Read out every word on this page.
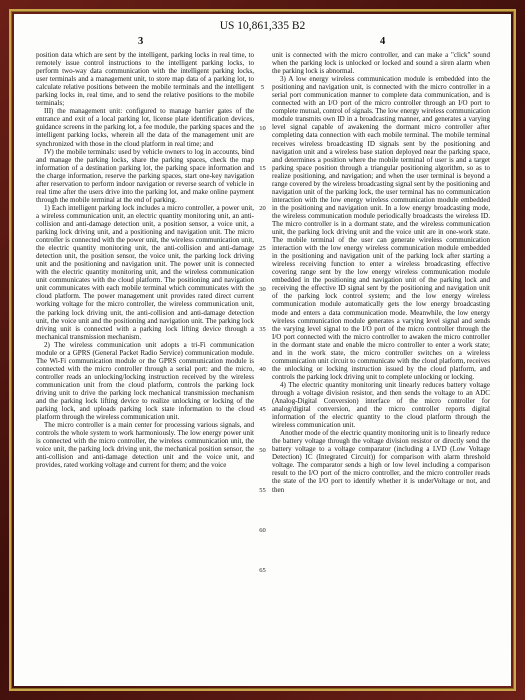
US 10,861,335 B2
3	4

position data which are sent by the intelligent, parking locks in real time, to remotely issue control instructions to the intelligent parking locks, to perform two-way data communication with the intelligent parking locks, user terminals and a management unit, to store map data of a parking lot, to calculate relative positions between the mobile terminals and the intelligent parking locks in, real time, and to send the relative positions to the mobile terminals;

III) the management unit: configured to manage barrier gates of the entrance and exit of a local parking lot, license plate identification devices, guidance screens in the parking lot, a fee module, the parking spaces and the intelligent parking locks, wherein all the data of the management unit are synchronized with those in the cloud platform in real time; and

IV) the mobile terminals: used by vehicle owners to log in accounts, bind and manage the parking locks, share the parking spaces, check the map information of a destination parking lot, the parking space information and the charge information, reserve the parking spaces, start one-key navigation after reservation to perform indoor navigation or reverse search of vehicle in real time after the users drive into the parking lot, and make online payment through the mobile terminal at the end of parking.

1) Each intelligent parking lock includes a micro controller, a power unit, a wireless communication unit, an electric quantity monitoring unit, an anti-collision and anti-damage detection unit, a position sensor, a voice unit, a parking lock driving unit, and a positioning and navigation unit. The micro controller is connected with the power unit, the wireless communication unit, the electric quantity monitoring unit, the anti-collision and anti-damage detection unit, the position sensor, the voice unit, the parking lock driving unit and the positioning and navigation unit. The power unit is connected with the electric quantity monitoring unit, and the wireless communication unit communicates with the cloud platform. The positioning and navigation unit communicates with each mobile terminal which communicates with the cloud platform. The power management unit provides rated direct current working voltage for the micro controller, the wireless communication unit, the parking lock driving unit, the anti-collision and anti-damage detection unit, the voice unit and the positioning and navigation unit. The parking lock driving unit is connected with a parking lock lifting device through a mechanical transmission mechanism.

2) The wireless communication unit adopts a tri-Fi communication module or a GPRS (General Packet Radio Service) communication module. The Wi-Fi communication module or the GPRS communication module is connected with the micro controller through a serial port: and the micro, controller reads an unlocking/locking instruction received by the wireless communication unit from the cloud platform, controls the parking lock driving unit to drive the parking lock mechanical transmission mechanism and the parking lock lifting device to realize unlocking or locking of the parking lock, and uploads parking lock state information to the cloud platform through the wireless communication unit.

The micro controller is a main center for processing various signals, and controls the whole system to work harmoniously. The low energy power unit is connected with the micro controller, the wireless communication unit, the voice unit, the parking lock driving unit, the mechanical position sensor, the anti-collision and anti-damage detection unit and the voice unit, and provides, rated working voltage and current for them; and the voice

5
10
15
20
25
30
35
40
45
50
55
60
65

unit is connected with the micro controller, and can make a "click" sound when the parking lock is unlocked or locked and sound a siren alarm when the parking lock is abnormal.

3) A low energy wireless communication module is embedded into the positioning and navigation unit, is connected with the micro controller in a serial port communication manner to complete data communication, and is connected with an I/O port of the micro controller through an I/O port to complete mutual, control of signals. The low energy wireless communication module transmits own ID in a broadcasting manner, and generates a varying level signal capable of awakening the dormant micro controller after completing data connection with each mobile terminal. The mobile terminal receives wireless broadcasting ID signals sent by the positioning and navigation unit and a wireless base station deployed near the parking space, and determines a position where the mobile terminal of user is and a target parking space position through a triangular positioning algorithm, so as to realize positioning, and navigation; and when the user terminal is beyond a range covered by the wireless broadcasting signal sent by the positioning and navigation unit of the parking lock, the user terminal has no communication interaction with the low energy wireless communication module embedded in the positioning and navigation unit. In a low energy broadcasting mode, the wireless communication module periodically broadcasts the wireless ID. The micro controller is in a dormant state, and the wireless communication unit, the parking lock driving unit and the voice unit are in one-work state. The mobile terminal of the user can generate wireless communication interaction with the low energy wireless communication module embedded in the positioning and navigation unit of the parking lock after starting a wireless receiving function to enter a wireless broadcasting effective covering range sent by the low energy wireless communication module embedded in the positioning and navigation unit of the parking lock and receiving the effective ID signal sent by the positioning and navigation unit of the parking lock control system; and the low energy wireless communication module automatically gets the low energy broadcasting mode and enters a data communication mode. Meanwhile, the low energy wireless communication module generates a varying level signal and sends the varying level signal to the I/O port of the micro controller through the I/O port connected with the micro controller to awaken the micro controller in the dormant state and enable the micro controller to enter a work state; and in the work state, the micro controller switches on a wireless communication unit circuit to communicate with the cloud platform, receives the unlocking or locking instruction issued by the cloud platform, and controls the parking lock driving unit to complete unlocking or locking.

4) The electric quantity monitoring unit linearly reduces battery voltage through a voltage division resistor, and then sends the voltage to an ADC (Analog-Digital Conversion) interface of the micro controller for analog/digital conversion, and the micro controller reports digital information of the electric quantity to the cloud platform through the wireless communication unit.

Another mode of the electric quantity monitoring unit is to linearly reduce the battery voltage through the voltage division resistor or directly send the battery voltage to a voltage comparator (including a LVD (Low Voltage Detection) IC (Integrated Circuit)) for comparison with alarm threshold voltage. The comparator sends a high or low level including a comparison result to the I/O port of the micro controller, and the micro controller reads the state of the I/O port to identify whether it is underVoltage or not, and then
